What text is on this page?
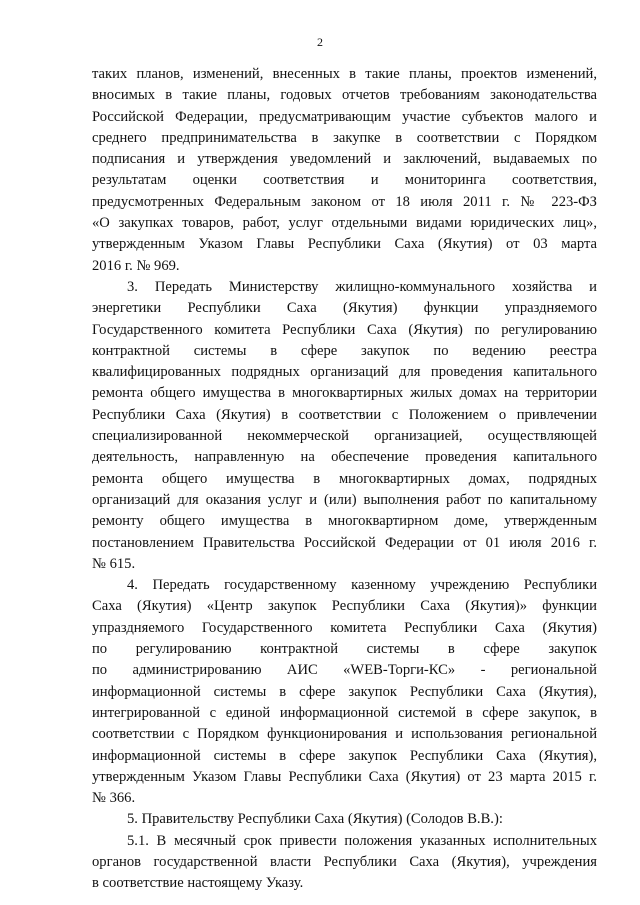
2
таких планов, изменений, внесенных в такие планы, проектов изменений,
вносимых в такие планы, годовых отчетов требованиям законодательства
Российской Федерации, предусматривающим участие субъектов малого и
среднего предпринимательства в закупке в соответствии с Порядком
подписания и утверждения уведомлений и заключений, выдаваемых по
результатам оценки соответствия и мониторинга соответствия,
предусмотренных Федеральным законом от 18 июля 2011 г. № 223-ФЗ
«О закупках товаров, работ, услуг отдельными видами юридических лиц»,
утвержденным Указом Главы Республики Саха (Якутия) от 03 марта
2016 г. № 969.
3. Передать Министерству жилищно-коммунального хозяйства и
энергетики Республики Саха (Якутия) функции упраздняемого
Государственного комитета Республики Саха (Якутия) по регулированию
контрактной системы в сфере закупок по ведению реестра
квалифицированных подрядных организаций для проведения капитального
ремонта общего имущества в многоквартирных жилых домах на территории
Республики Саха (Якутия) в соответствии с Положением о привлечении
специализированной некоммерческой организацией, осуществляющей
деятельность, направленную на обеспечение проведения капитального
ремонта общего имущества в многоквартирных домах, подрядных
организаций для оказания услуг и (или) выполнения работ по капитальному
ремонту общего имущества в многоквартирном доме, утвержденным
постановлением Правительства Российской Федерации от 01 июля 2016 г.
№ 615.
4. Передать государственному казенному учреждению Республики
Саха (Якутия) «Центр закупок Республики Саха (Якутия)» функции
упраздняемого Государственного комитета Республики Саха (Якутия)
по регулированию контрактной системы в сфере закупок
по администрированию АИС «WEB-Торги-КС» - региональной
информационной системы в сфере закупок Республики Саха (Якутия),
интегрированной с единой информационной системой в сфере закупок, в
соответствии с Порядком функционирования и использования региональной
информационной системы в сфере закупок Республики Саха (Якутия),
утвержденным Указом Главы Республики Саха (Якутия) от 23 марта 2015 г.
№ 366.
5. Правительству Республики Саха (Якутия) (Солодов В.В.):
5.1. В месячный срок привести положения указанных исполнительных
органов государственной власти Республики Саха (Якутия), учреждения
в соответствие настоящему Указу.
